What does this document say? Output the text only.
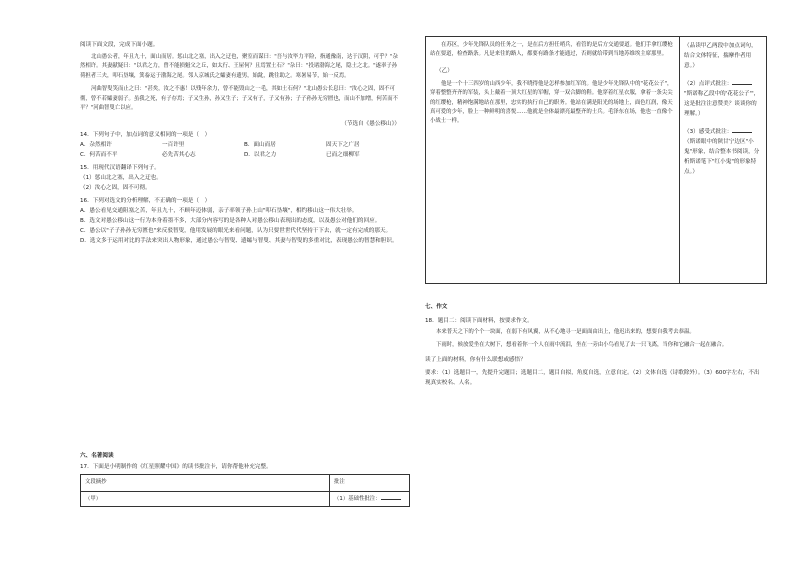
阅读下面文段，完成下面小题。

北山愚公者，年且九十，面山而居。惩山北之塞，出入之迂也，聚室而谋曰："吾与汝毕力平险，指通豫南，达于汉阴，可乎？"杂然相许。其妻献疑曰："以君之力，曾不能损魁父之丘，如太行、王屋何？且焉置土石？"杂曰："投诸渤海之尾，隐土之北。"遂率子孙荷担者三夫，叩石垦壤，箕畚运于渤海之尾。邻人京城氏之孀妻有遗男，始龀，跳往助之。寒暑易节，始一反焉。

河曲智叟笑而止之曰："甚矣，汝之不惠！以残年余力，曾不能毁山之一毛，其如土石何？"北山愚公长息曰："汝心之固，固不可彻，曾不若孀妻弱子。虽我之死，有子存焉；子又生孙，孙又生子；子又有子，子又有孙；子子孙孙无穷匮也，而山不加增，何苦而不平？"河曲智叟亡以应。

（节选自《愚公移山》）

14．下列句子中，加点词的意义相同的一项是（　）

A．杂然相许	一百许里	B．面山而居	固天下之广居
C．何苦而不平	必先苦其心志	D．以君之力	已而之细柳军

15．用现代汉语翻译下列句子。

（1）惩山北之塞，出入之迂也。

（2）汝心之固，固不可彻。

16．下列对选文的分析理解，不正确的一项是（　）

A．愚公看见交通阻塞之苦，年且九十，不顾年迈体弱，亲子率领子孙上山"叩石垦壤"，相约移山这一伟大壮举。

B．选文对愚公移山这一行为本身着墨不多，大部分内容写的是各种人对愚公移山表现出的态度，以及愚公对他们的回应。

C．愚公以"子子孙孙无穷匮也"来反驳智叟，他用发展的眼光来看问题，认为只要世世代代坚持干下去，就一定有完成的那天。

D．选文多于运用对比的手法来突出人物形象，通过愚公与智叟、遗孀与智叟、其妻与智叟的多重对比，表现愚公的智慧和胆识。

六、名著阅读

17．下面是小明制作的《红星照耀中国》的读书批注卡，请你帮他补充完整。

文段摘抄	批注
（甲）	（1）基础性批注：

在苏区，少年先锋队员的任务之一，是在后方担任哨兵，看管的是后方交通要道。他们手拿红缨枪站在要道，检查路条。凡是来往的路人，都要有路条才能通过，否则就给带到当地苏维埃主席那里。

（乙）

他是一个十三四岁的山西少年，我不晓得他是怎样参加红军的。他是少年先锋队中的"花花公子"，穿着整整齐齐的军装，头上戴着一顶大红星的军帽，穿一双合脚的鞋。他穿着红星衣服，拿着一条尖尖的红缨枪，精神饱满地站在那里，忠实的执行自己的职务。他站在满是阳光的场地上，面色红润，像天真可爱的少年，脸上一种鲜明的喜悦……他就是全体最漂亮最整齐的士兵。毛泽东在场，他也一直像个小战士一样。

（品读甲乙两段中加点词句，结合文体特征，揣摩作者用意。）

（2）点评式批注：

"斯诺称乙段中的'花花公子'"，这是批注注意赞美？谈谈你的理解。）

（3）感受式批注：

（斯诺眼中的陕甘宁边区"小鬼"形象，结合整本书阅读，分析斯诺笔下"红小鬼"的形象特点。）

七、作文

18．题目二：阅读下面材料，按要求作文。

本来普天之下的个个一块面，在弱下有风翼，从不心地寻一是面面由出上，他迟出来的，想要自我考去恭温。

下雨时，候放爱坐在大树下，想看着你一个人在雨中流泪，坐在一旁由小鸟看见了去一只飞离，当你和它融合一起在融合。

读了上面的材料，你有什么联想或感悟？

要求：（1）选题目一，先提升完题目；选题目二，题目自拟，角度自选，立意自定。（2）文体自选（诗歌除外）。（3）600字左右，不出现真实校名、人名。
